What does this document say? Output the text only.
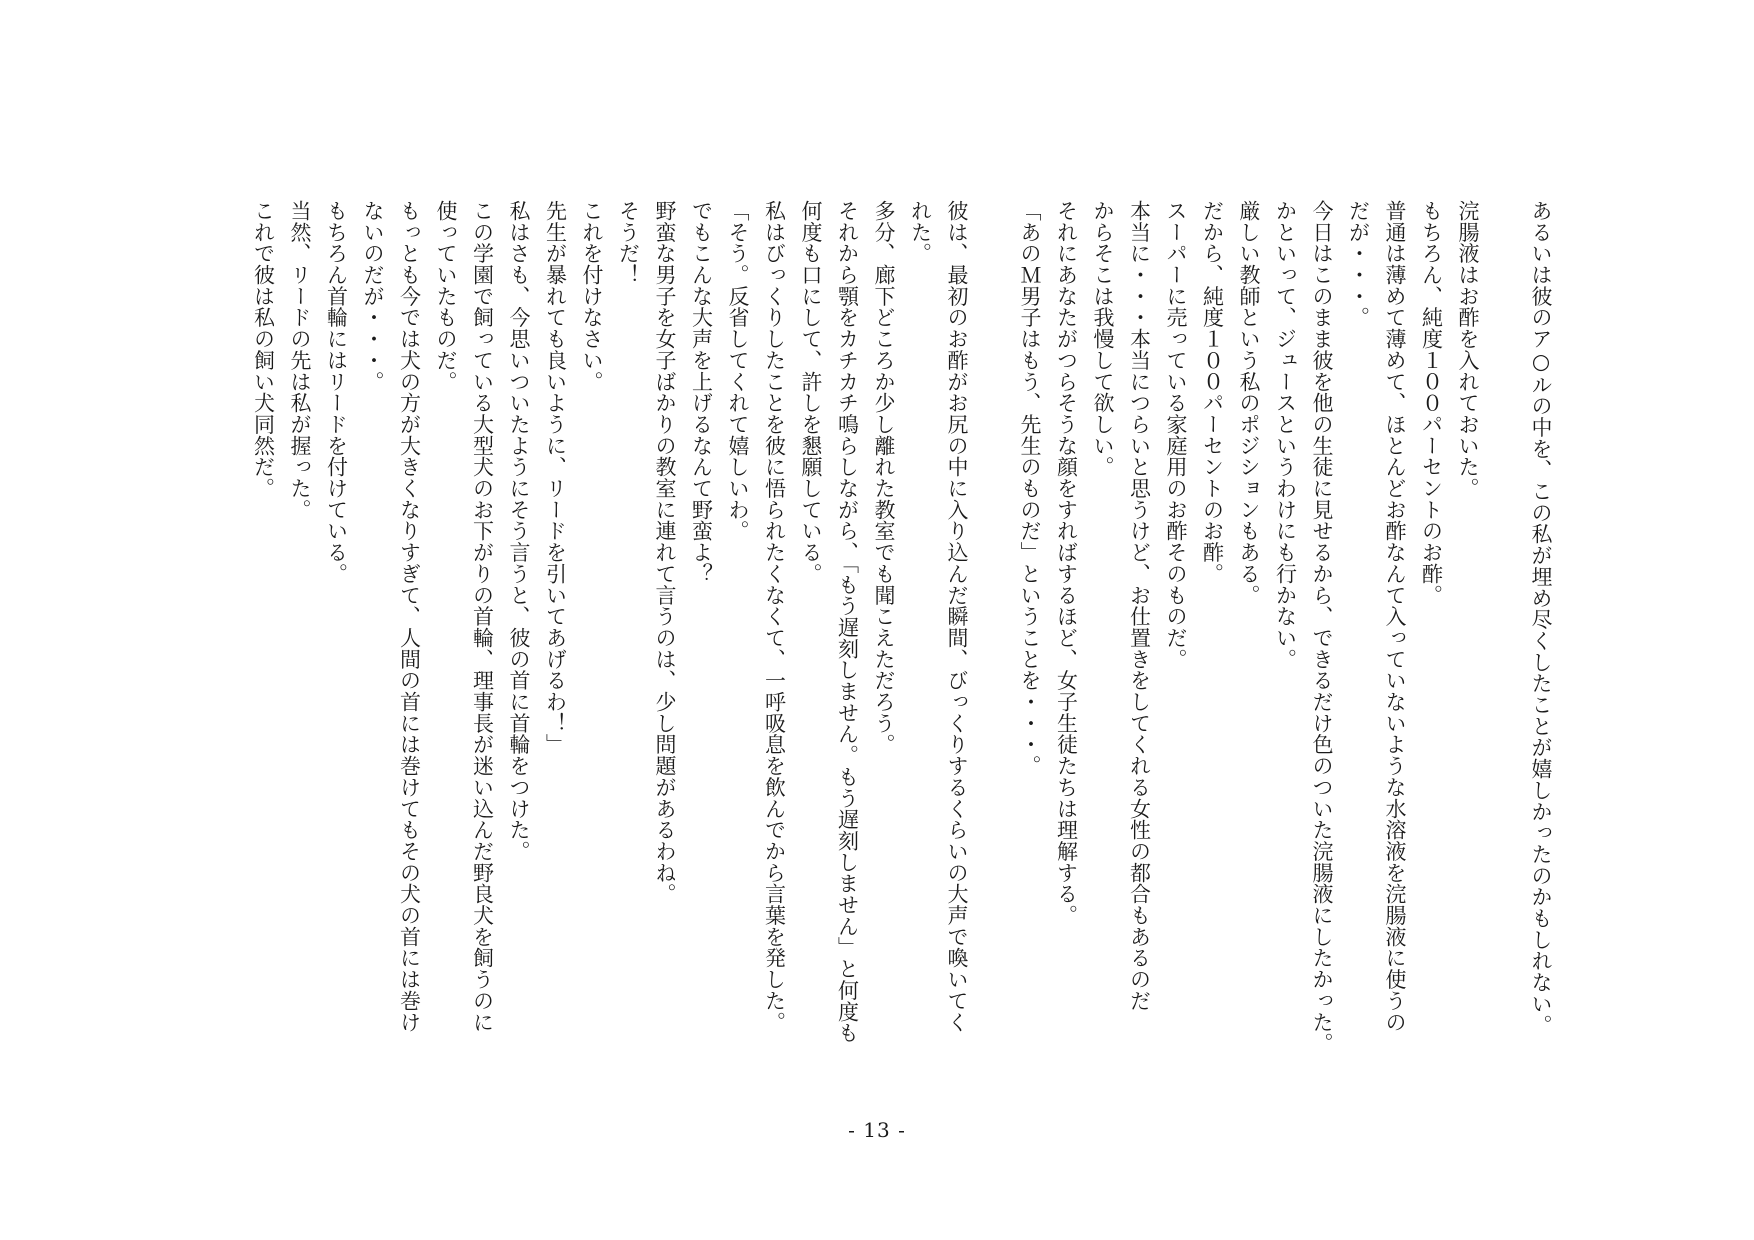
あるいは彼のア○ルの中を、この私が埋め尽くしたことが嬉しかったのかもしれない。

浣腸液はお酢を入れておいた。
もちろん、純度１００パーセントのお酢。
普通は薄めて薄めて、ほとんどお酢なんて入っていないような水溶液を浣腸液に使うの
だが・・・。
今日はこのまま彼を他の生徒に見せるから、できるだけ色のついた浣腸液にしたかった。
かといって、ジュースというわけにも行かない。
厳しい教師という私のポジションもある。
だから、純度１００パーセントのお酢。
スーパーに売っている家庭用のお酢そのものだ。
本当に・・・本当につらいと思うけど、お仕置きをしてくれる女性の都合もあるのだ
からそこは我慢して欲しい。
それにあなたがつらそうな顔をすればするほど、女子生徒たちは理解する。
「あのＭ男子はもう、先生のものだ」ということを・・・。

彼は、最初のお酢がお尻の中に入り込んだ瞬間、びっくりするくらいの大声で喚いてく
れた。
多分、廊下どころか少し離れた教室でも聞こえただろう。
それから顎をカチカチ鳴らしながら、「もう遅刻しません。もう遅刻しません」と何度も
何度も口にして、許しを懇願している。
私はびっくりしたことを彼に悟られたくなくて、一呼吸息を飲んでから言葉を発した。
「そう。反省してくれて嬉しいわ。
でもこんな大声を上げるなんて野蛮よ？
野蛮な男子を女子ばかりの教室に連れて言うのは、少し問題があるわね。
そうだ！
これを付けなさい。
先生が暴れても良いように、リードを引いてあげるわ！」
私はさも、今思いついたようにそう言うと、彼の首に首輪をつけた。
この学園で飼っている大型犬のお下がりの首輪、理事長が迷い込んだ野良犬を飼うのに
使っていたものだ。
もっとも今では犬の方が大きくなりすぎて、人間の首には巻けてもその犬の首には巻け
ないのだが・・・。
もちろん首輪にはリードを付けている。
当然、リードの先は私が握った。
これで彼は私の飼い犬同然だ。
- 13 -
